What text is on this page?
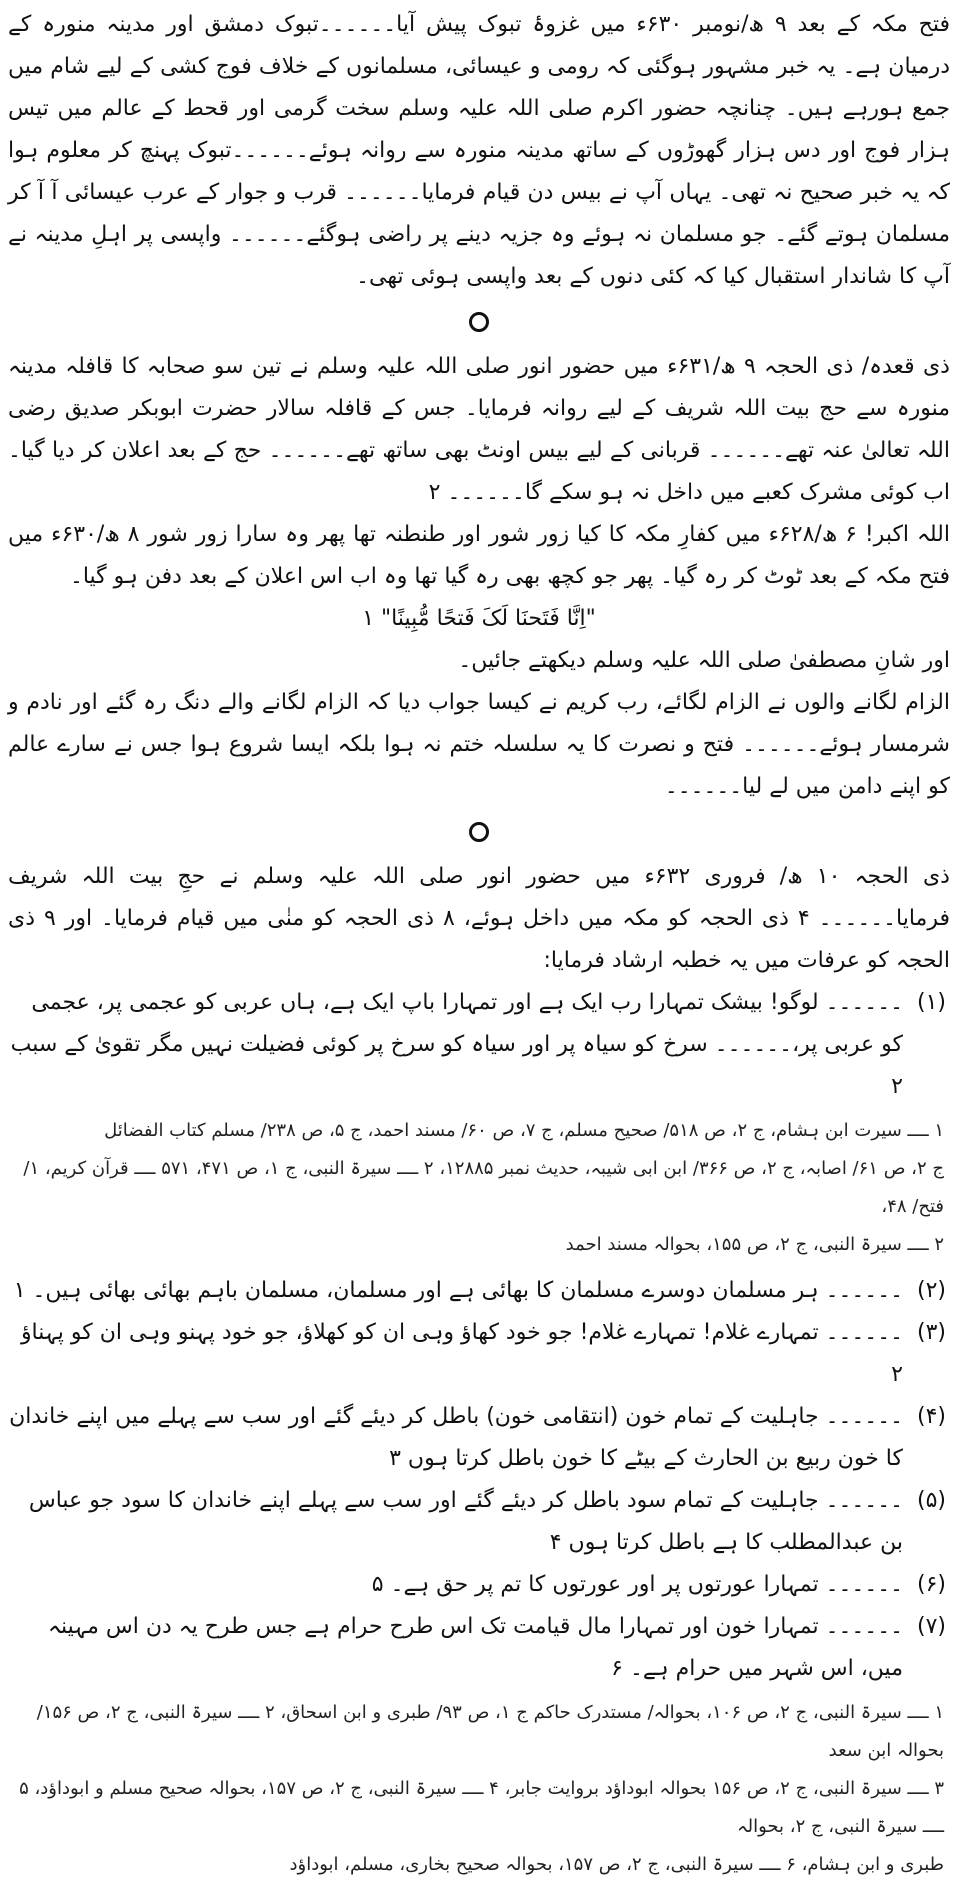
فتح مکہ کے بعد ۹ ھ/نومبر ۶۳۰ء میں غزوۂ تبوک پیش آیا۔۔۔۔۔۔تبوک دمشق اور مدینہ منورہ کے درمیان ہے۔ یہ خبر مشہور ہوگئی کہ رومی و عیسائی، مسلمانوں کے خلاف فوج کشی کے لیے شام میں جمع ہورہے ہیں۔ چنانچہ حضور اکرم صلی اللہ علیہ وسلم سخت گرمی اور قحط کے عالم میں تیس ہزار فوج اور دس ہزار گھوڑوں کے ساتھ مدینہ منورہ سے روانہ ہوئے۔۔۔۔۔۔تبوک پہنچ کر معلوم ہوا کہ یہ خبر صحیح نہ تھی۔ یہاں آپ نے بیس دن قیام فرمایا۔۔۔۔۔۔ قرب و جوار کے عرب عیسائی آ آ کر مسلمان ہوتے گئے۔ جو مسلمان نہ ہوئے وہ جزیہ دینے پر راضی ہوگئے۔۔۔۔۔۔ واپسی پر اہلِ مدینہ نے آپ کا شاندار استقبال کیا کہ کئی دنوں کے بعد واپسی ہوئی تھی۔

ذی قعدہ/ ذی الحجہ ۹ ھ/۶۳۱ء میں حضور انور صلی اللہ علیہ وسلم نے تین سو صحابہ کا قافلہ مدینہ منورہ سے حج بیت اللہ شریف کے لیے روانہ فرمایا۔ جس کے قافلہ سالار حضرت ابوبکر صدیق رضی اللہ تعالیٰ عنہ تھے۔۔۔۔۔۔ قربانی کے لیے بیس اونٹ بھی ساتھ تھے۔۔۔۔۔۔ حج کے بعد اعلان کر دیا گیا۔ اب کوئی مشرک کعبے میں داخل نہ ہو سکے گا۔۔۔۔۔۔ ۲

اللہ اکبر! ۶ ھ/۶۲۸ء میں کفارِ مکہ کا کیا زور شور اور طنطنہ تھا پھر وہ سارا زور شور ۸ ھ/۶۳۰ء میں فتح مکہ کے بعد ٹوٹ کر رہ گیا۔ پھر جو کچھ بھی رہ گیا تھا وہ اب اس اعلان کے بعد دفن ہو گیا۔

"اِنَّا فَتَحنَا لَکَ فَتحًا مُّبِینًا" ۱

اور شانِ مصطفیٰ صلی اللہ علیہ وسلم دیکھتے جائیں۔

الزام لگانے والوں نے الزام لگائے، رب کریم نے کیسا جواب دیا کہ الزام لگانے والے دنگ رہ گئے اور نادم و شرمسار ہوئے۔۔۔۔۔۔ فتح و نصرت کا یہ سلسلہ ختم نہ ہوا بلکہ ایسا شروع ہوا جس نے سارے عالم کو اپنے دامن میں لے لیا۔۔۔۔۔۔

ذی الحجہ ۱۰ ھ/ فروری ۶۳۲ء میں حضور انور صلی اللہ علیہ وسلم نے حجِ بیت اللہ شریف فرمایا۔۔۔۔۔۔ ۴ ذی الحجہ کو مکہ میں داخل ہوئے، ۸ ذی الحجہ کو منٰی میں قیام فرمایا۔ اور ۹ ذی الحجہ کو عرفات میں یہ خطبہ ارشاد فرمایا:

(۱)
۔۔۔۔۔۔ لوگو! بیشک تمہارا رب ایک ہے اور تمہارا باپ ایک ہے، ہاں عربی کو عجمی پر، عجمی کو عربی پر،۔۔۔۔۔۔ سرخ کو سیاہ پر اور سیاہ کو سرخ پر کوئی فضیلت نہیں مگر تقویٰ کے سبب ۲

۱ ــــ سیرت ابن ہشام، ج ۲، ص ۵۱۸/ صحیح مسلم، ج ۷، ص ۶۰/ مسند احمد، ج ۵، ص ۲۳۸/ مسلم کتاب الفضائل

ج ۲، ص ۶۱/ اصابہ، ج ۲، ص ۳۶۶/ ابن ابی شیبہ، حدیث نمبر ۱۲۸۸۵، ۲ ــــ سیرۃ النبی، ج ۱، ص ۴۷۱، ۵۷۱ ــــ قرآن کریم، ۱/ فتح/ ۴۸،

۲ ــــ سیرۃ النبی، ج ۲، ص ۱۵۵، بحوالہ مسند احمد

(۲)
۔۔۔۔۔۔ ہر مسلمان دوسرے مسلمان کا بھائی ہے اور مسلمان، مسلمان باہم بھائی بھائی ہیں۔ ۱
(۳)
۔۔۔۔۔۔ تمہارے غلام! تمہارے غلام! جو خود کھاؤ وہی ان کو کھلاؤ، جو خود پہنو وہی ان کو پہناؤ ۲
(۴)
۔۔۔۔۔۔ جاہلیت کے تمام خون (انتقامی خون) باطل کر دیئے گئے اور سب سے پہلے میں اپنے خاندان کا خون ربیع بن الحارث کے بیٹے کا خون باطل کرتا ہوں ۳
(۵)
۔۔۔۔۔۔ جاہلیت کے تمام سود باطل کر دیئے گئے اور سب سے پہلے اپنے خاندان کا سود جو عباس بن عبدالمطلب کا ہے باطل کرتا ہوں ۴
(۶)
۔۔۔۔۔۔ تمہارا عورتوں پر اور عورتوں کا تم پر حق ہے۔ ۵
(۷)
۔۔۔۔۔۔ تمہارا خون اور تمہارا مال قیامت تک اس طرح حرام ہے جس طرح یہ دن اس مہینہ میں، اس شہر میں حرام ہے۔ ۶

۱ ــــ سیرۃ النبی، ج ۲، ص ۱۰۶، بحوالہ/ مستدرک حاکم ج ۱، ص ۹۳/ طبری و ابن اسحاق، ۲ ــــ سیرۃ النبی، ج ۲، ص ۱۵۶/ بحوالہ ابن سعد

۳ ــــ سیرۃ النبی، ج ۲، ص ۱۵۶ بحوالہ ابوداؤد بروایت جابر، ۴ ــــ سیرۃ النبی، ج ۲، ص ۱۵۷، بحوالہ صحیح مسلم و ابوداؤد، ۵ ــــ سیرۃ النبی، ج ۲، بحوالہ

طبری و ابن ہشام، ۶ ــــ سیرۃ النبی، ج ۲، ص ۱۵۷، بحوالہ صحیح بخاری، مسلم، ابوداؤد
